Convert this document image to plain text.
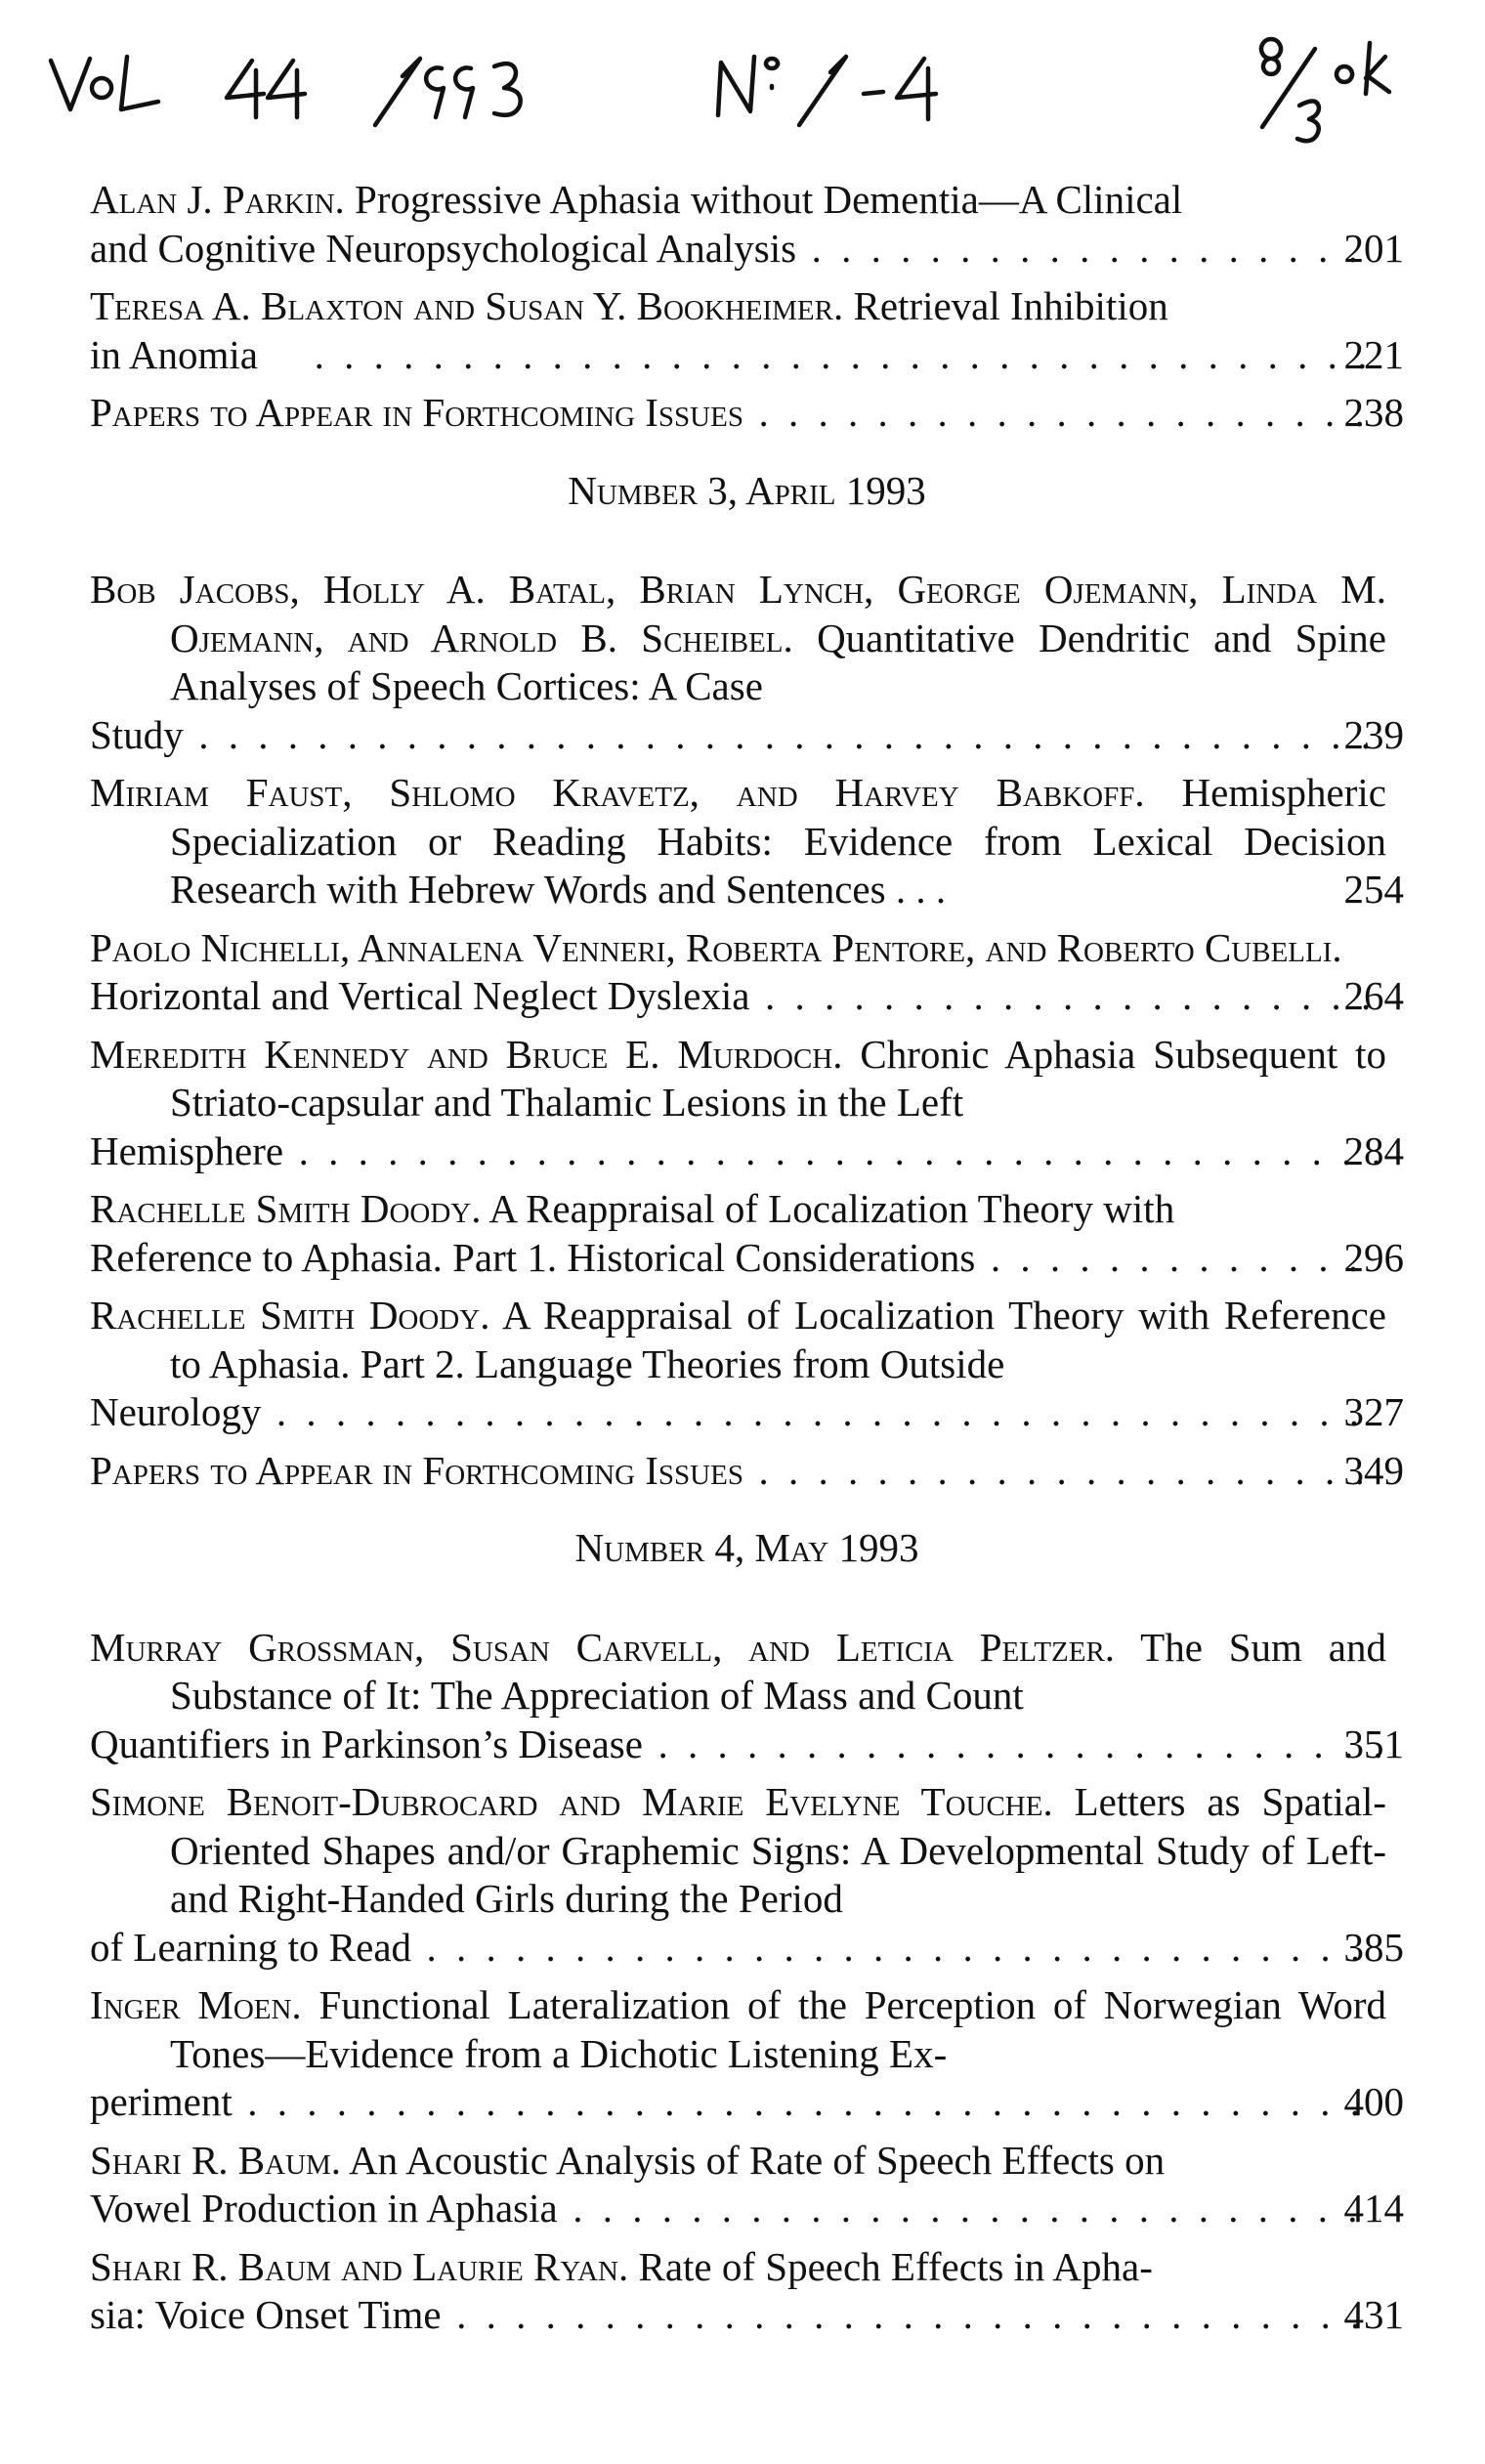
Alan J. Parkin. Progressive Aphasia without Dementia—A Clinical
and Cognitive Neuropsychological Analysis . . .	201
Teresa A. Blaxton and Susan Y. Bookheimer. Retrieval Inhibition
in Anomia . . .	221
Papers to Appear in Forthcoming Issues . . .	238
Number 3, April 1993
Bob Jacobs, Holly A. Batal, Brian Lynch, George Ojemann, Linda M. Ojemann, and Arnold B. Scheibel. Quantitative Dendritic and Spine Analyses of Speech Cortices: A Case
Study . . .	239
Miriam Faust, Shlomo Kravetz, and Harvey Babkoff. Hemispheric Specialization or Reading Habits: Evidence from Lexical Decision Research with Hebrew Words and Sentences . . .	254
Paolo Nichelli, Annalena Venneri, Roberta Pentore, and Roberto Cubelli.
Horizontal and Vertical Neglect Dyslexia . . .	264
Meredith Kennedy and Bruce E. Murdoch. Chronic Aphasia Subsequent to Striato-capsular and Thalamic Lesions in the Left
Hemisphere . . .	284
Rachelle Smith Doody. A Reappraisal of Localization Theory with
Reference to Aphasia. Part 1. Historical Considerations . . .	296
Rachelle Smith Doody. A Reappraisal of Localization Theory with Reference to Aphasia. Part 2. Language Theories from Outside
Neurology . . .	327
Papers to Appear in Forthcoming Issues . . .	349
Number 4, May 1993
Murray Grossman, Susan Carvell, and Leticia Peltzer. The Sum and Substance of It: The Appreciation of Mass and Count
Quantifiers in Parkinson’s Disease . . .	351
Simone Benoit-Dubrocard and Marie Evelyne Touche. Letters as Spatial-Oriented Shapes and/or Graphemic Signs: A Developmental Study of Left- and Right-Handed Girls during the Period
of Learning to Read . . .	385
Inger Moen. Functional Lateralization of the Perception of Norwegian Word Tones—Evidence from a Dichotic Listening Ex-
periment . . .	400
Shari R. Baum. An Acoustic Analysis of Rate of Speech Effects on
Vowel Production in Aphasia . . .	414
Shari R. Baum and Laurie Ryan. Rate of Speech Effects in Apha-
sia: Voice Onset Time . . .	431
